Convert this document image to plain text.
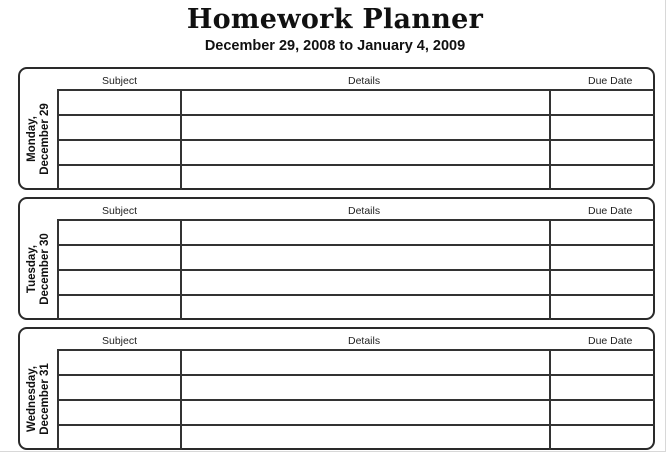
Homework Planner
December 29, 2008 to January 4, 2009
Monday, December 29
Subject	Details	Due Date
Tuesday, December 30
Subject	Details	Due Date
Wednesday, December 31
Subject	Details	Due Date
